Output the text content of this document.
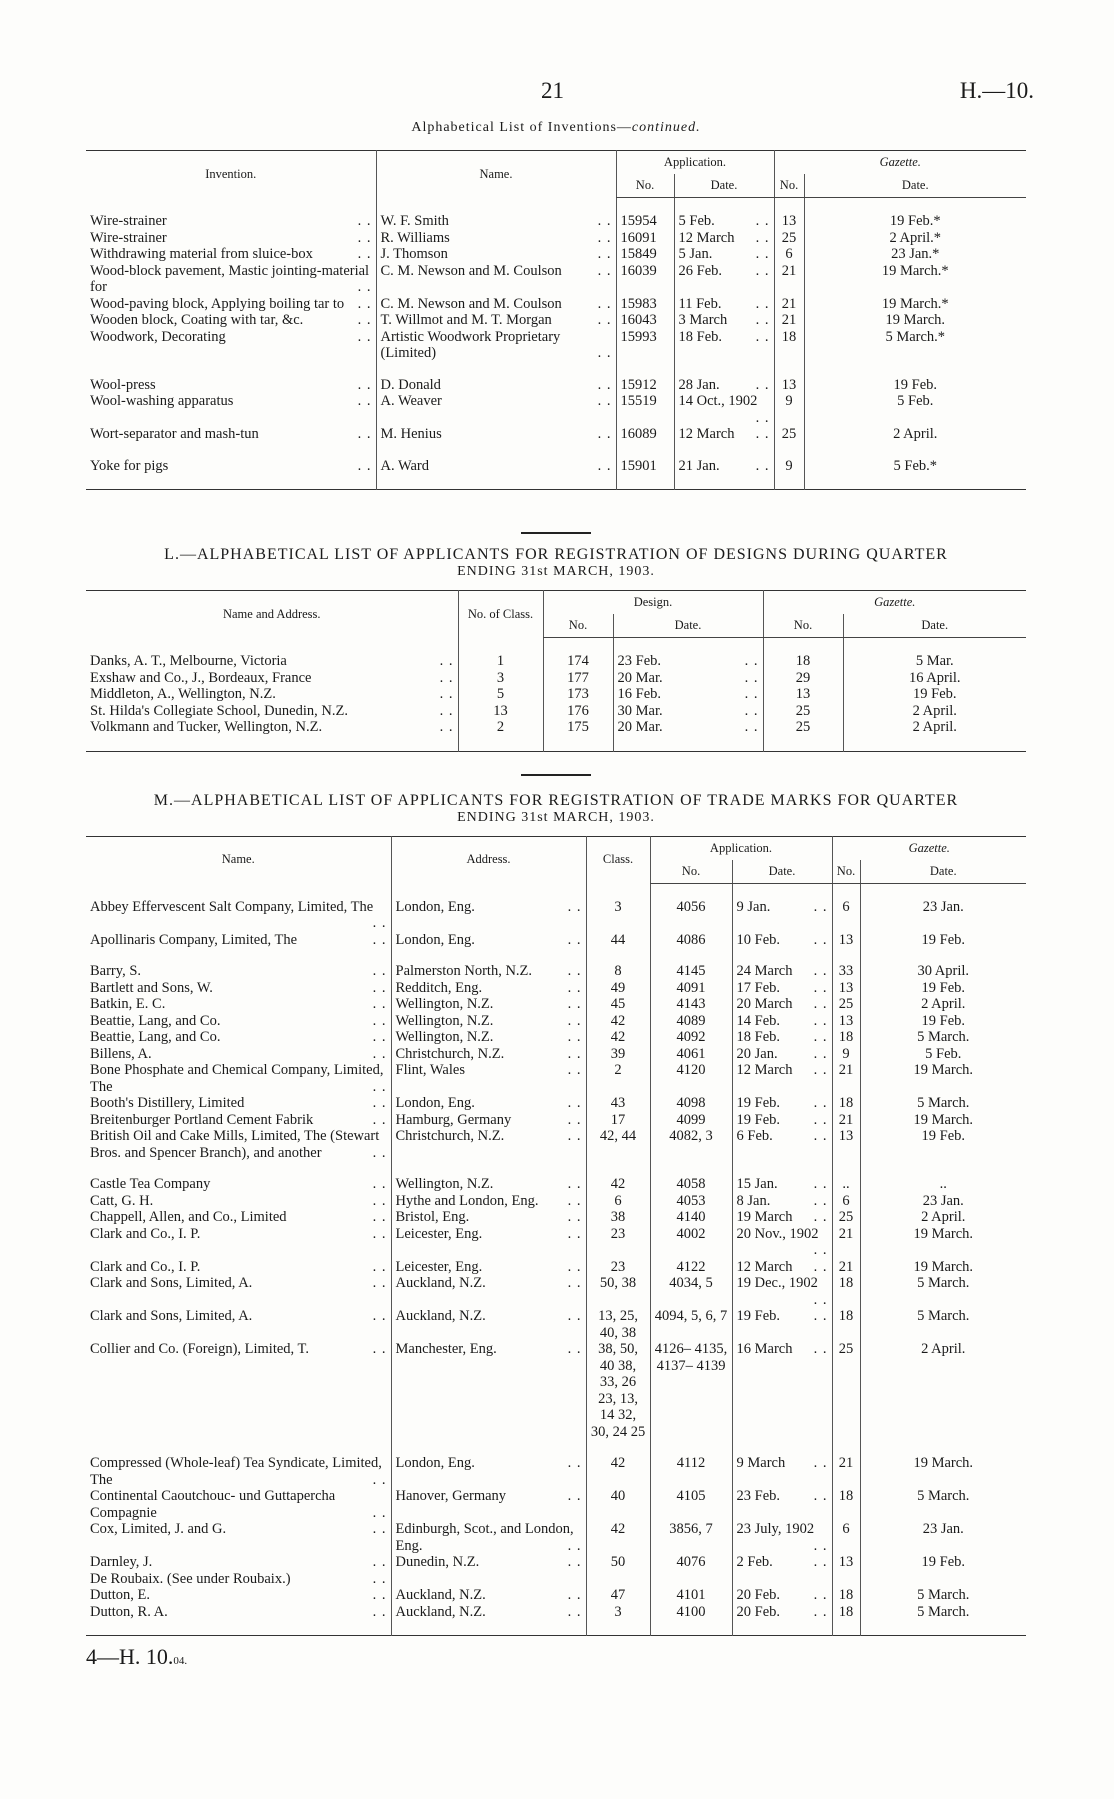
21	H.—10.
Alphabetical List of Inventions—continued.
Invention.	Name.	Application.		Gazette.	
		No.	Date.	No.	Date.

Wire-strainer . .	W. F. Smith . .	15954	5 Feb. . .	13	19 Feb.*
Wire-strainer . .	R. Williams . .	16091	12 March . .	25	2 April.*
Withdrawing material from sluice-box . .	J. Thomson . .	15849	5 Jan. . .	6	23 Jan.*
Wood-block pavement, Mastic jointing-material for . .	C. M. Newson and M. Coulson . .	16039	26 Feb. . .	21	19 March.*
Wood-paving block, Applying boiling tar to . .	C. M. Newson and M. Coulson . .	15983	11 Feb. . .	21	19 March.*
Wooden block, Coating with tar, &c. . .	T. Willmot and M. T. Morgan . .	16043	3 March . .	21	19 March.
Woodwork, Decorating . .	Artistic Woodwork Proprietary (Limited) . .	15993	18 Feb. . .	18	5 March.*

Wool-press . .	D. Donald . .	15912	28 Jan. . .	13	19 Feb.
Wool-washing apparatus . .	A. Weaver . .	15519	14 Oct., 1902 . .	9	5 Feb.
Wort-separator and mash-tun . .	M. Henius . .	16089	12 March . .	25	2 April.

Yoke for pigs . .	A. Ward . .	15901	21 Jan. . .	9	5 Feb.*

L.—ALPHABETICAL LIST OF APPLICANTS FOR REGISTRATION OF DESIGNS DURING QUARTER
ENDING 31st MARCH, 1903.
Name and Address.	No. of Class.	Design.		Gazette.	
		No.	Date.	No.	Date.

Danks, A. T., Melbourne, Victoria . .	1	174	23 Feb. . .	18	5 Mar.
Exshaw and Co., J., Bordeaux, France . .	3	177	20 Mar. . .	29	16 April.
Middleton, A., Wellington, N.Z. . .	5	173	16 Feb. . .	13	19 Feb.
St. Hilda's Collegiate School, Dunedin, N.Z. . .	13	176	30 Mar. . .	25	2 April.
Volkmann and Tucker, Wellington, N.Z. . .	2	175	20 Mar. . .	25	2 April.

M.—ALPHABETICAL LIST OF APPLICANTS FOR REGISTRATION OF TRADE MARKS FOR QUARTER
ENDING 31st MARCH, 1903.
Name.	Address.	Class.	Application.		Gazette.	
			No.	Date.	No.	Date.

Abbey Effervescent Salt Company, Limited, The . .	London, Eng. . .	3	4056	9 Jan. . .	6	23 Jan.
Apollinaris Company, Limited, The . .	London, Eng. . .	44	4086	10 Feb. . .	13	19 Feb.

Barry, S. . .	Palmerston North, N.Z. . .	8	4145	24 March . .	33	30 April.
Bartlett and Sons, W. . .	Redditch, Eng. . .	49	4091	17 Feb. . .	13	19 Feb.
Batkin, E. C. . .	Wellington, N.Z. . .	45	4143	20 March . .	25	2 April.
Beattie, Lang, and Co. . .	Wellington, N.Z. . .	42	4089	14 Feb. . .	13	19 Feb.
Beattie, Lang, and Co. . .	Wellington, N.Z. . .	42	4092	18 Feb. . .	18	5 March.
Billens, A. . .	Christchurch, N.Z. . .	39	4061	20 Jan. . .	9	5 Feb.
Bone Phosphate and Chemical Company, Limited, The . .	Flint, Wales . .	2	4120	12 March . .	21	19 March.
Booth's Distillery, Limited . .	London, Eng. . .	43	4098	19 Feb. . .	18	5 March.
Breitenburger Portland Cement Fabrik . .	Hamburg, Germany . .	17	4099	19 Feb. . .	21	19 March.
British Oil and Cake Mills, Limited, The (Stewart Bros. and Spencer Branch), and another . .	Christchurch, N.Z. . .	42, 44	4082, 3	6 Feb. . .	13	19 Feb.

Castle Tea Company . .	Wellington, N.Z. . .	42	4058	15 Jan. . .	..	..
Catt, G. H. . .	Hythe and London, Eng. . .	6	4053	8 Jan. . .	6	23 Jan.
Chappell, Allen, and Co., Limited . .	Bristol, Eng. . .	38	4140	19 March . .	25	2 April.
Clark and Co., I. P. . .	Leicester, Eng. . .	23	4002	20 Nov., 1902 . .	21	19 March.
Clark and Co., I. P. . .	Leicester, Eng. . .	23	4122	12 March . .	21	19 March.
Clark and Sons, Limited, A. . .	Auckland, N.Z. . .	50, 38	4034, 5	19 Dec., 1902 . .	18	5 March.
Clark and Sons, Limited, A. . .	Auckland, N.Z. . .	13, 25, 40, 38	4094, 5, 6, 7	19 Feb. . .	18	5 March.
Collier and Co. (Foreign), Limited, T. . .	Manchester, Eng. . .	38, 50, 40 38, 33, 26 23, 13, 14 32, 30, 24 25	4126– 4135, 4137– 4139	16 March . .	25	2 April.

Compressed (Whole-leaf) Tea Syndicate, Limited, The . .	London, Eng. . .	42	4112	9 March . .	21	19 March.
Continental Caoutchouc- und Guttapercha Compagnie . .	Hanover, Germany . .	40	4105	23 Feb. . .	18	5 March.
Cox, Limited, J. and G. . .	Edinburgh, Scot., and London, Eng. . .	42	3856, 7	23 July, 1902 . .	6	23 Jan.
Darnley, J. . .	Dunedin, N.Z. . .	50	4076	2 Feb. . .	13	19 Feb.
De Roubaix. (See under Roubaix.) . .						
Dutton, E. . .	Auckland, N.Z. . .	47	4101	20 Feb. . .	18	5 March.
Dutton, R. A. . .	Auckland, N.Z. . .	3	4100	20 Feb. . .	18	5 March.

4—H. 10.04.
